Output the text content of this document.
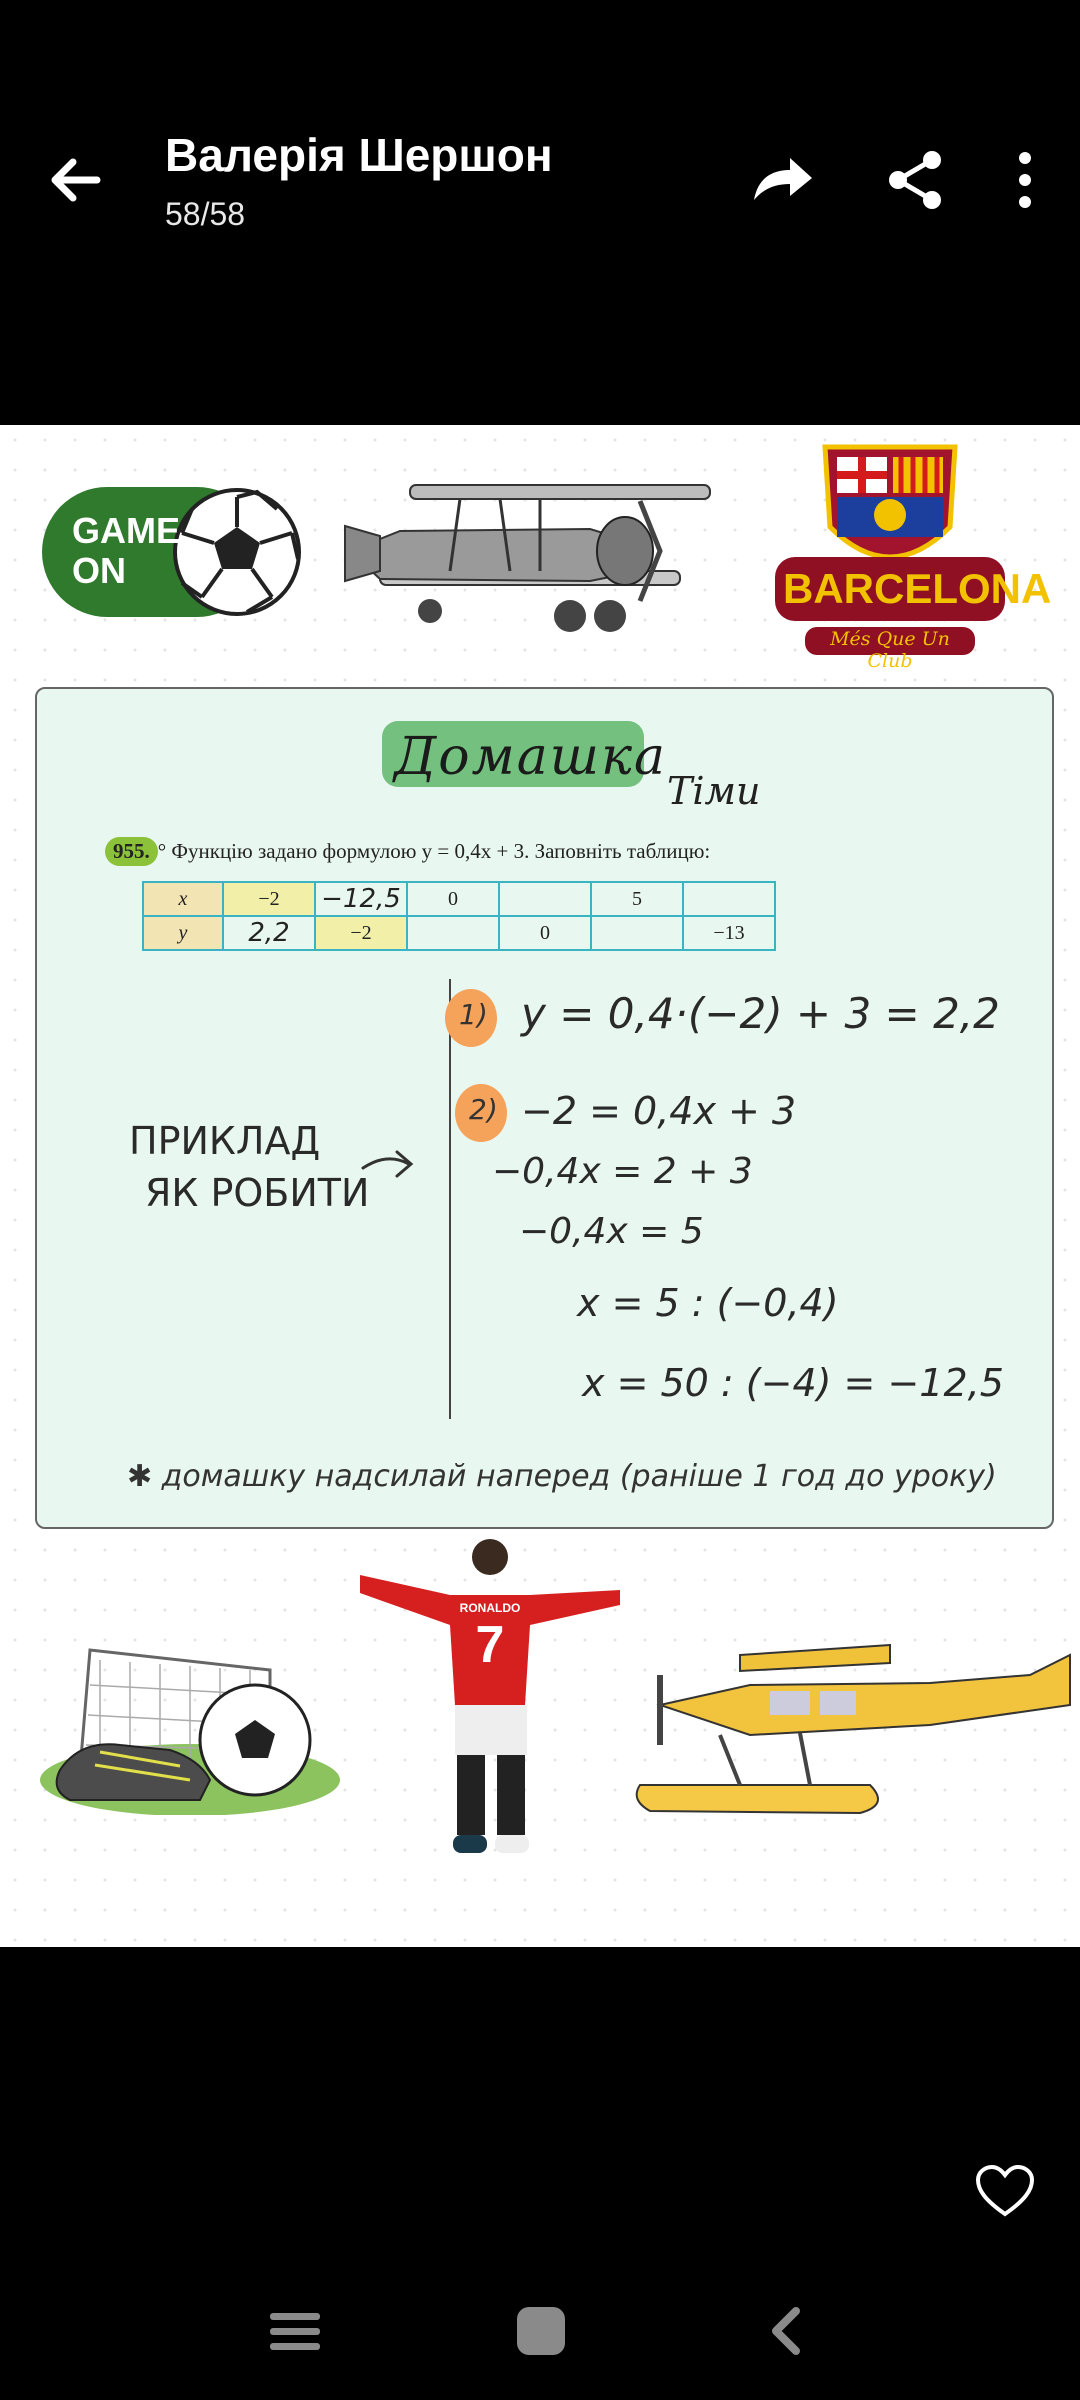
Валерія Шершон
58/58
GAME
ON	BARCELONA
Més Que Un Club
Домашка
Тіми
955. ° Функцію задано формулою y = 0,4x + 3. Заповніть таблицю:
x	−2	−12,5	0		5	
y	2,2	−2		0		−13
ПРИКЛАД
ЯК РОБИТИ
1) y = 0,4·(−2) + 3 = 2,2
2) −2 = 0,4x + 3
−0,4x = 2 + 3
−0,4x = 5
x = 5 : (−0,4)
x = 50 : (−4) = −12,5
✱ домашку надсилай наперед (раніше 1 год до уроку)
RONALDO
7
